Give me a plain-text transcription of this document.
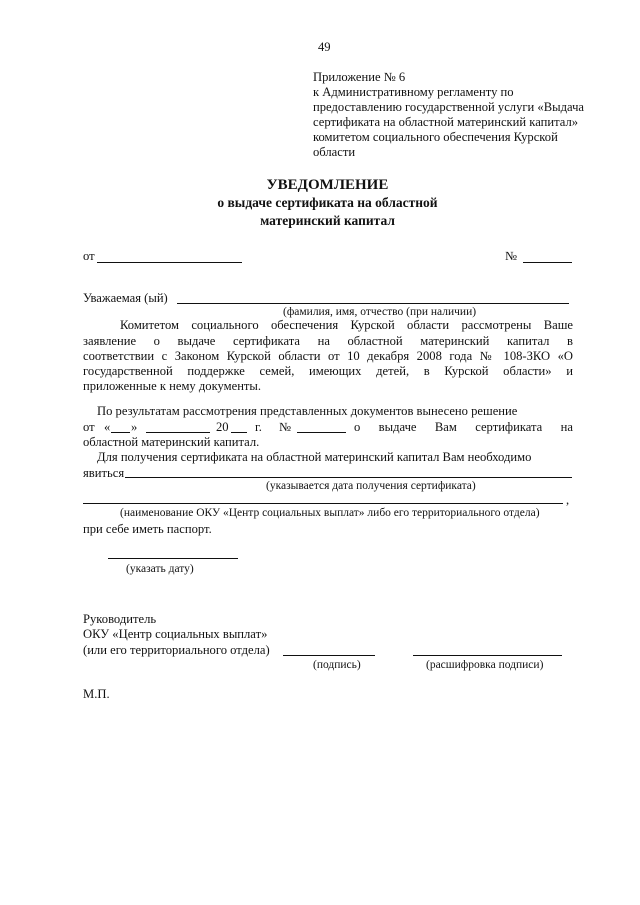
49
Приложение № 6
к Административному регламенту по
предоставлению государственной услуги «Выдача
сертификата на областной материнский капитал»
комитетом социального обеспечения Курской
области
УВЕДОМЛЕНИЕ
о выдаче сертификата на областной
материнский капитал
от	№
Уважаемая (ый)
(фамилия, имя, отчество (при наличии)
Комитетом социального обеспечения Курской области рассмотрены Ваше
заявление о выдаче сертификата на областной материнский капитал в
соответствии с Законом Курской области от 10 декабря 2008 года № 108-ЗКО «О
государственной поддержке семей, имеющих детей, в Курской области» и
приложенные к нему документы.
По результатам рассмотрения представленных документов вынесено решение
от « »	20 г. №	о выдаче Вам сертификата на
областной материнский капитал.
Для получения сертификата на областной материнский капитал Вам необходимо
явиться
(указывается дата получения сертификата)
,
(наименование ОКУ «Центр социальных выплат» либо его территориального отдела)
при себе иметь паспорт.
(указать дату)
Руководитель
ОКУ «Центр социальных выплат»
(или его территориального отдела)
(подпись)	(расшифровка подписи)
М.П.
